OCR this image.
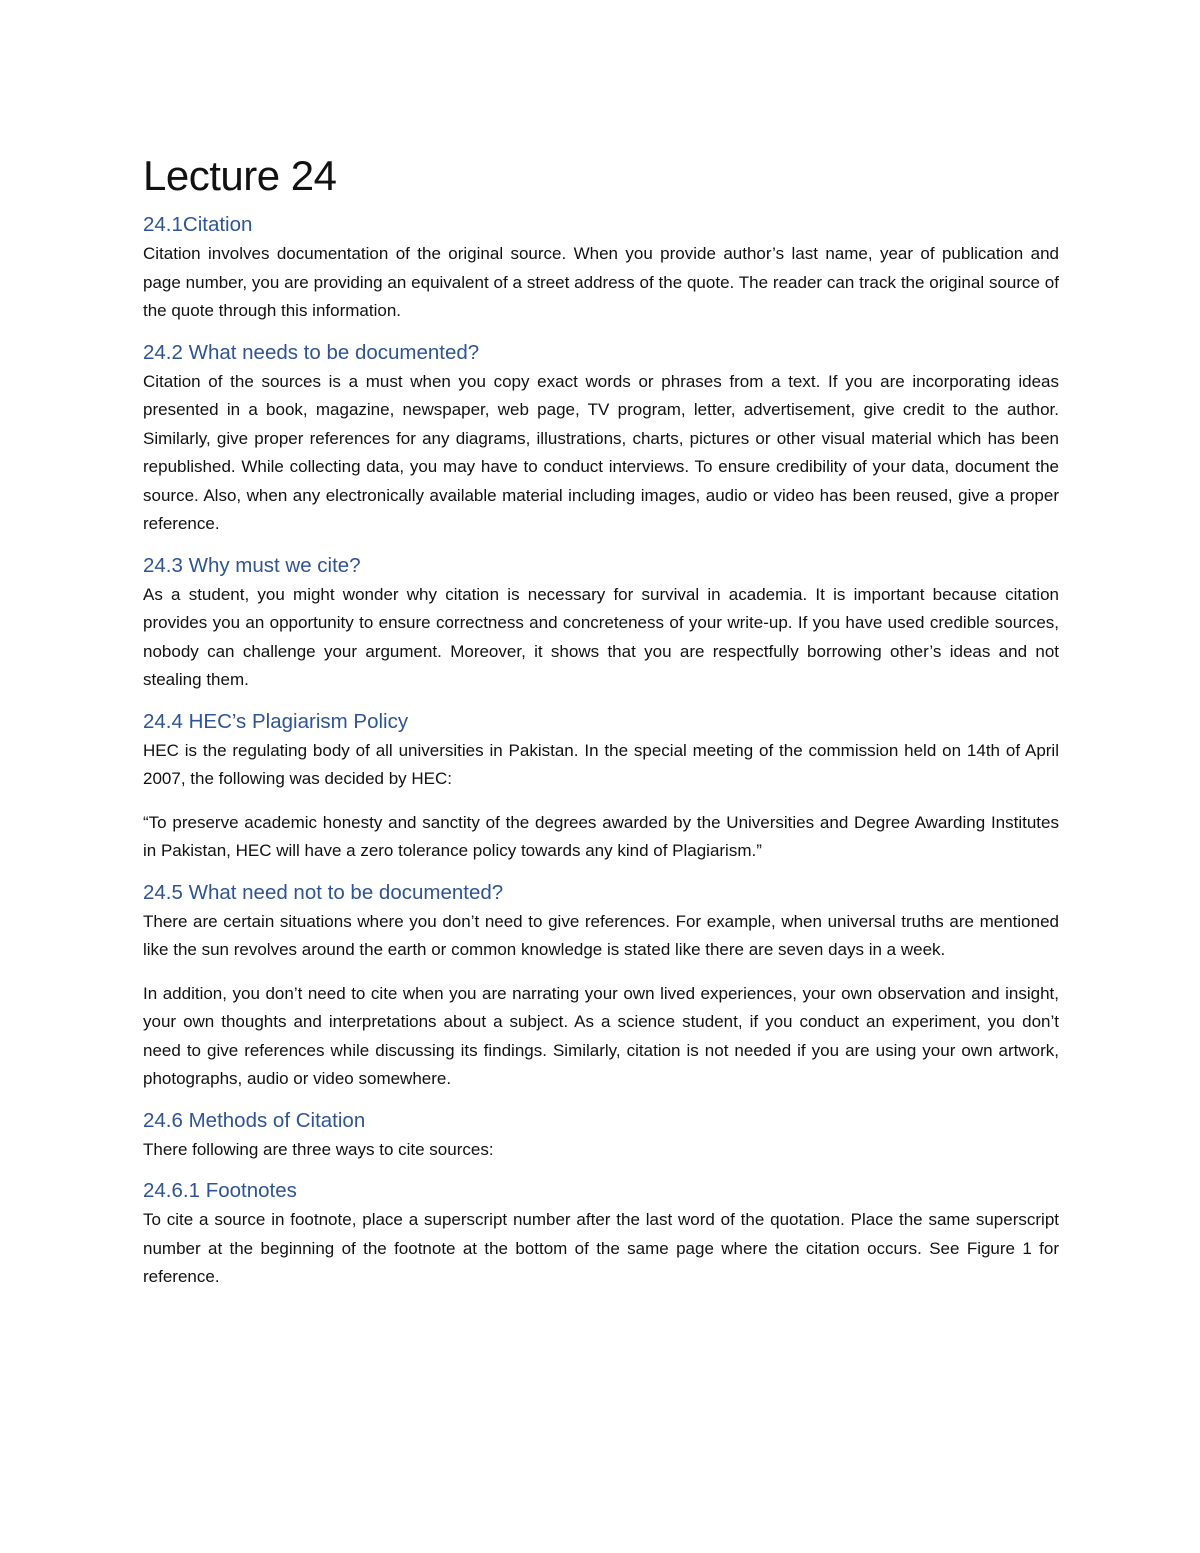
Lecture 24
24.1Citation

Citation involves documentation of the original source. When you provide author’s last name, year of publication and page number, you are providing an equivalent of a street address of the quote. The reader can track the original source of the quote through this information.

24.2 What needs to be documented?

Citation of the sources is a must when you copy exact words or phrases from a text. If you are incorporating ideas presented in a book, magazine, newspaper, web page, TV program, letter, advertisement, give credit to the author. Similarly, give proper references for any diagrams, illustrations, charts, pictures or other visual material which has been republished. While collecting data, you may have to conduct interviews. To ensure credibility of your data, document the source. Also, when any electronically available material including images, audio or video has been reused, give a proper reference.

24.3 Why must we cite?

As a student, you might wonder why citation is necessary for survival in academia. It is important because citation provides you an opportunity to ensure correctness and concreteness of your write-up. If you have used credible sources, nobody can challenge your argument. Moreover, it shows that you are respectfully borrowing other’s ideas and not stealing them.

24.4 HEC’s Plagiarism Policy

HEC is the regulating body of all universities in Pakistan. In the special meeting of the commission held on 14th of April 2007, the following was decided by HEC:

“To preserve academic honesty and sanctity of the degrees awarded by the Universities and Degree Awarding Institutes in Pakistan, HEC will have a zero tolerance policy towards any kind of Plagiarism.”

24.5 What need not to be documented?

There are certain situations where you don’t need to give references. For example, when universal truths are mentioned like the sun revolves around the earth or common knowledge is stated like there are seven days in a week.

In addition, you don’t need to cite when you are narrating your own lived experiences, your own observation and insight, your own thoughts and interpretations about a subject. As a science student, if you conduct an experiment, you don’t need to give references while discussing its findings. Similarly, citation is not needed if you are using your own artwork, photographs, audio or video somewhere.

24.6 Methods of Citation

There following are three ways to cite sources:

24.6.1 Footnotes

To cite a source in footnote, place a superscript number after the last word of the quotation. Place the same superscript number at the beginning of the footnote at the bottom of the same page where the citation occurs. See Figure 1 for reference.
